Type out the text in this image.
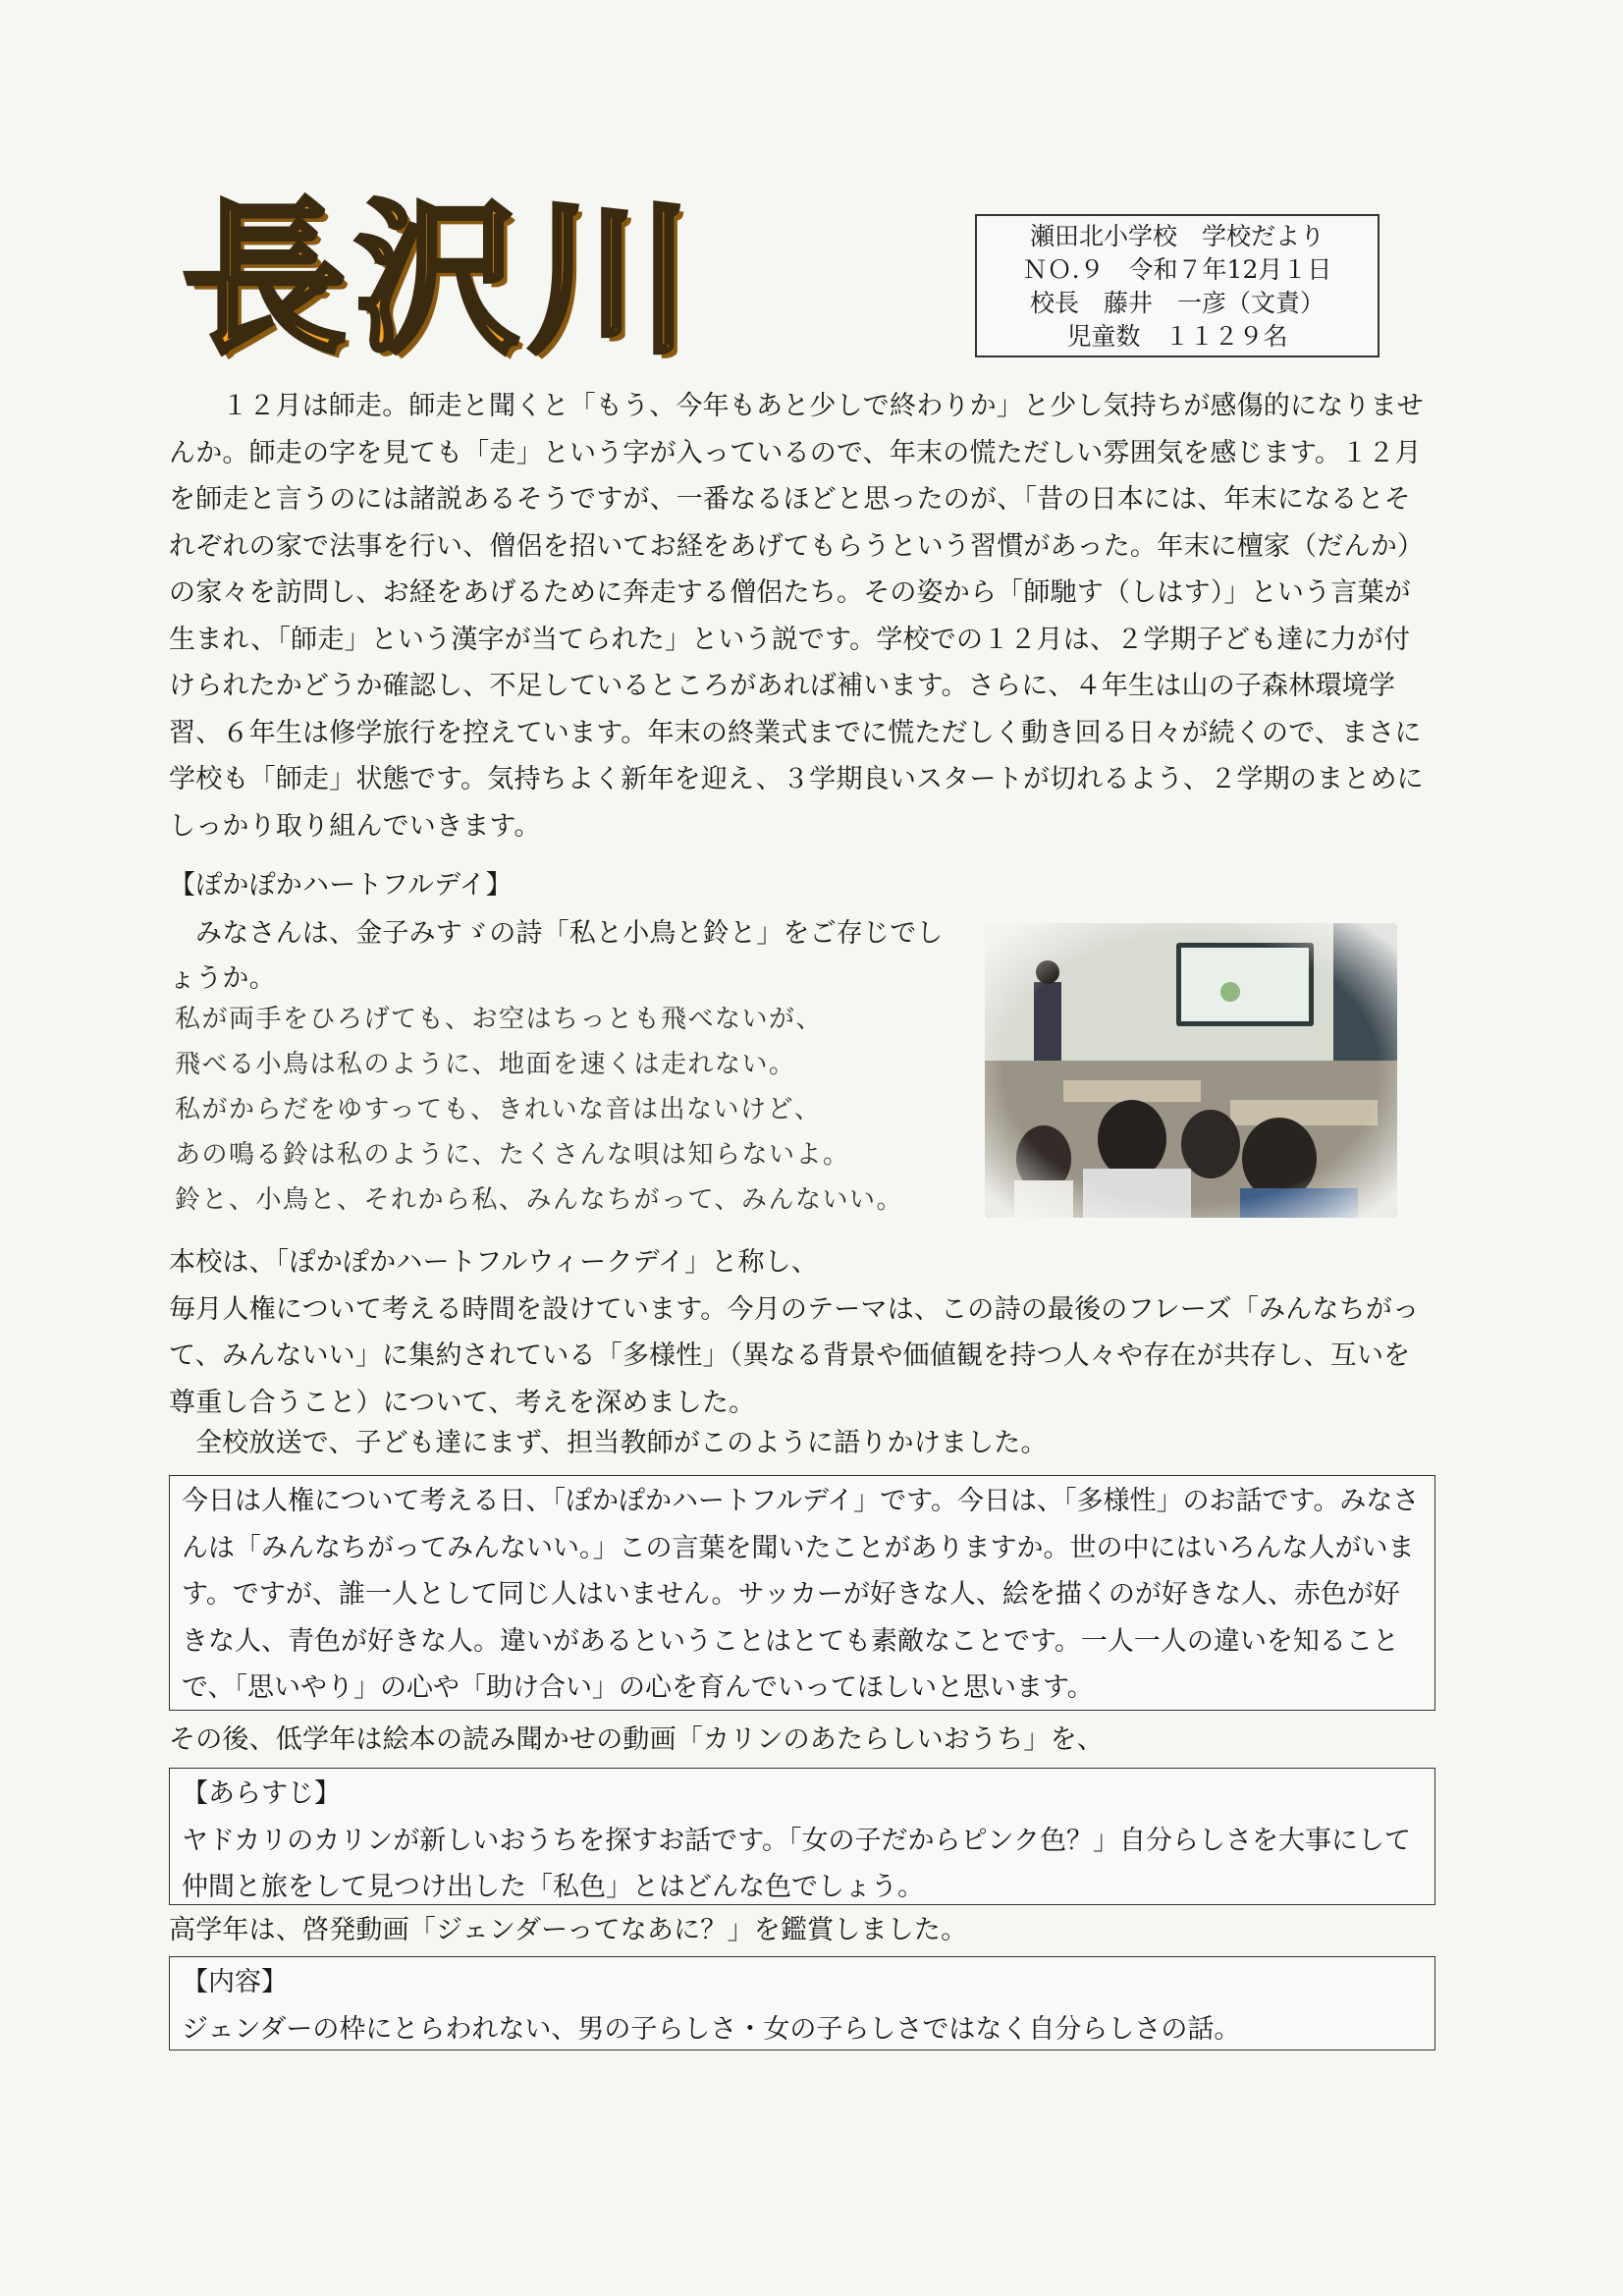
長沢川	瀬田北小学校　学校だより
ＮＯ.９　令和７年12月１日
校長　藤井　一彦（文責）
児童数　１１２９名
１２月は師走。師走と聞くと「もう、今年もあと少しで終わりか」と少し気持ちが感傷的になりませんか。師走の字を見ても「走」という字が入っているので、年末の慌ただしい雰囲気を感じます。１２月を師走と言うのには諸説あるそうですが、一番なるほどと思ったのが、「昔の日本には、年末になるとそれぞれの家で法事を行い、僧侶を招いてお経をあげてもらうという習慣があった。年末に檀家（だんか）の家々を訪問し、お経をあげるために奔走する僧侶たち。その姿から「師馳す（しはす）」という言葉が生まれ、「師走」という漢字が当てられた」という説です。学校での１２月は、２学期子ども達に力が付けられたかどうか確認し、不足しているところがあれば補います。さらに、４年生は山の子森林環境学習、６年生は修学旅行を控えています。年末の終業式までに慌ただしく動き回る日々が続くので、まさに学校も「師走」状態です。気持ちよく新年を迎え、３学期良いスタートが切れるよう、２学期のまとめにしっかり取り組んでいきます。
【ぽかぽかハートフルデイ】
みなさんは、金子みすゞの詩「私と小鳥と鈴と」をご存じでしょうか。
私が両手をひろげても、お空はちっとも飛べないが、
飛べる小鳥は私のように、地面を速くは走れない。
私がからだをゆすっても、きれいな音は出ないけど、
あの鳴る鈴は私のように、たくさんな唄は知らないよ。
鈴と、小鳥と、それから私、みんなちがって、みんないい。
本校は、「ぽかぽかハートフルウィークデイ」と称し、
毎月人権について考える時間を設けています。今月のテーマは、この詩の最後のフレーズ「みんなちがって、みんないい」に集約されている「多様性」（異なる背景や価値観を持つ人々や存在が共存し、互いを尊重し合うこと）について、考えを深めました。
全校放送で、子ども達にまず、担当教師がこのように語りかけました。
今日は人権について考える日、「ぽかぽかハートフルデイ」です。今日は、「多様性」のお話です。みなさんは「みんなちがってみんないい。」この言葉を聞いたことがありますか。世の中にはいろんな人がいます。ですが、誰一人として同じ人はいません。サッカーが好きな人、絵を描くのが好きな人、赤色が好きな人、青色が好きな人。違いがあるということはとても素敵なことです。一人一人の違いを知ることで、「思いやり」の心や「助け合い」の心を育んでいってほしいと思います。
その後、低学年は絵本の読み聞かせの動画「カリンのあたらしいおうち」を、
【あらすじ】
ヤドカリのカリンが新しいおうちを探すお話です。「女の子だからピンク色？」自分らしさを大事にして仲間と旅をして見つけ出した「私色」とはどんな色でしょう。
高学年は、啓発動画「ジェンダーってなあに？」を鑑賞しました。
【内容】
ジェンダーの枠にとらわれない、男の子らしさ・女の子らしさではなく自分らしさの話。
